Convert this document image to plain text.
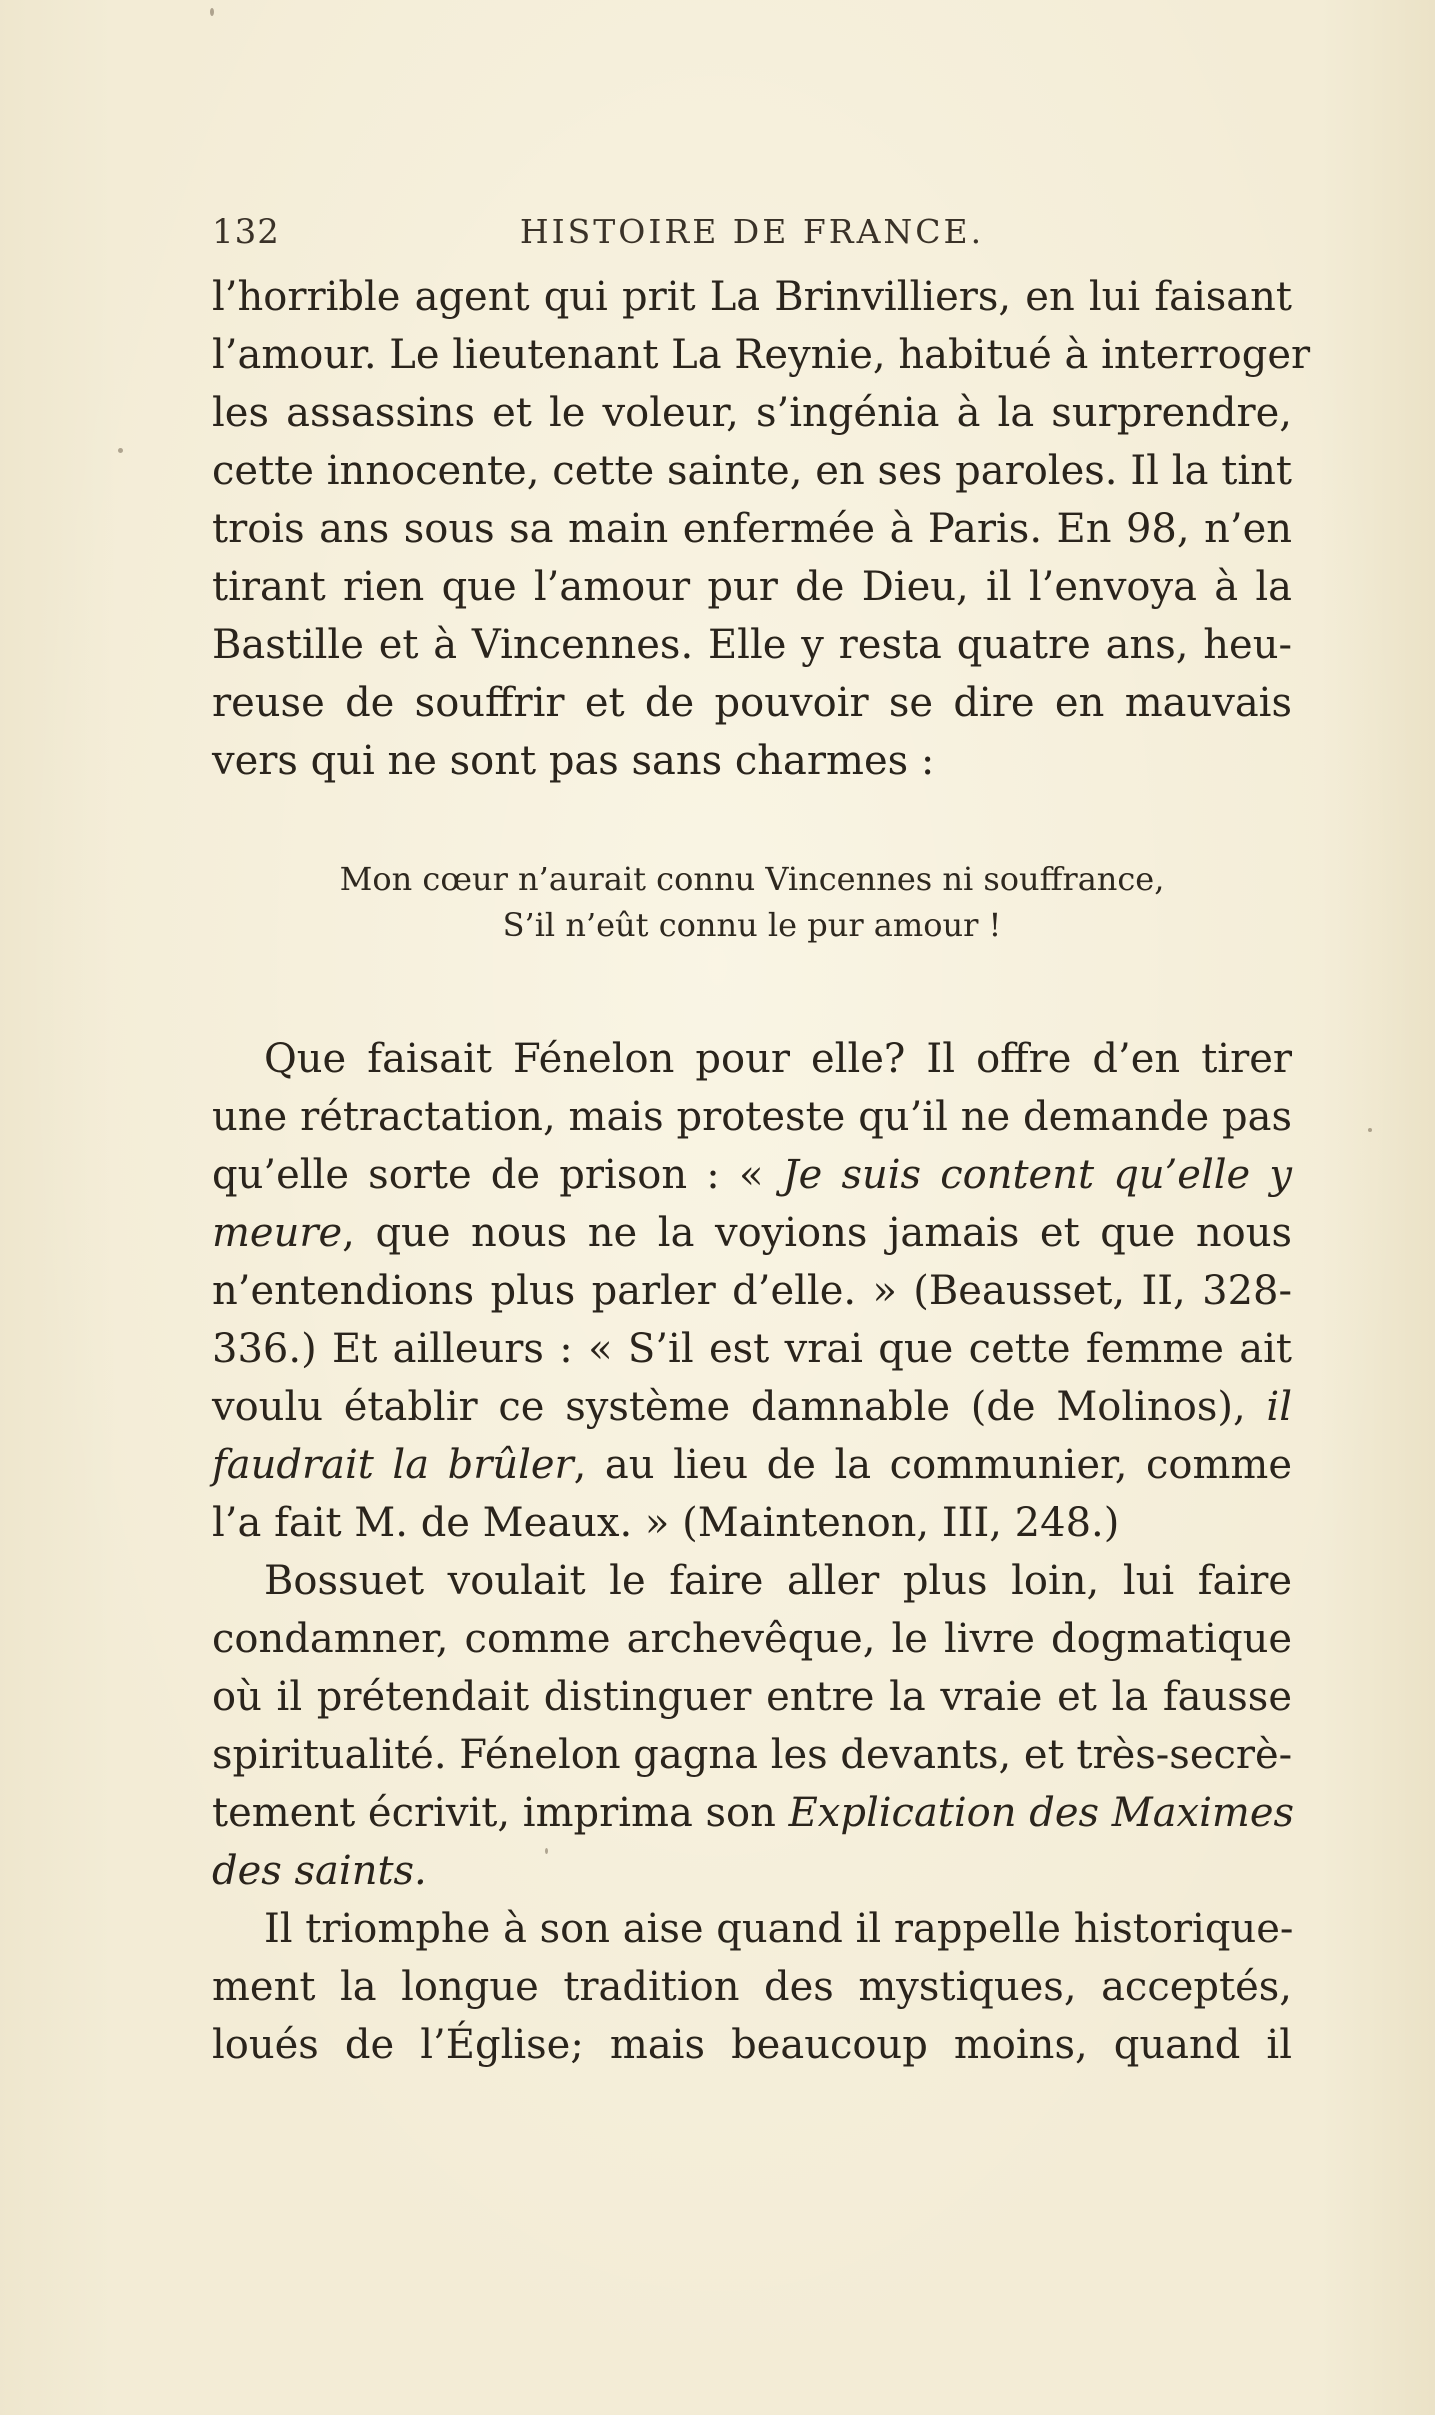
132	HISTOIRE DE FRANCE.
l’horrible agent qui prit La Brinvilliers, en lui faisant
l’amour. Le lieutenant La Reynie, habitué à interroger
les assassins et le voleur, s’ingénia à la surprendre,
cette innocente, cette sainte, en ses paroles. Il la tint
trois ans sous sa main enfermée à Paris. En 98, n’en
tirant rien que l’amour pur de Dieu, il l’envoya à la
Bastille et à Vincennes. Elle y resta quatre ans, heu-
reuse de souffrir et de pouvoir se dire en mauvais
vers qui ne sont pas sans charmes :
Mon cœur n’aurait connu Vincennes ni souffrance,
S’il n’eût connu le pur amour !
Que faisait Fénelon pour elle? Il offre d’en tirer
une rétractation, mais proteste qu’il ne demande pas
qu’elle sorte de prison : « Je suis content qu’elle y
meure, que nous ne la voyions jamais et que nous
n’entendions plus parler d’elle. » (Beausset, II, 328-
336.) Et ailleurs : « S’il est vrai que cette femme ait
voulu établir ce système damnable (de Molinos), il
faudrait la brûler, au lieu de la communier, comme
l’a fait M. de Meaux. » (Maintenon, III, 248.)
Bossuet voulait le faire aller plus loin, lui faire
condamner, comme archevêque, le livre dogmatique
où il prétendait distinguer entre la vraie et la fausse
spiritualité. Fénelon gagna les devants, et très-secrè-
tement écrivit, imprima son Explication des Maximes
des saints.
Il triomphe à son aise quand il rappelle historique-
ment la longue tradition des mystiques, acceptés,
loués de l’Église; mais beaucoup moins, quand il
